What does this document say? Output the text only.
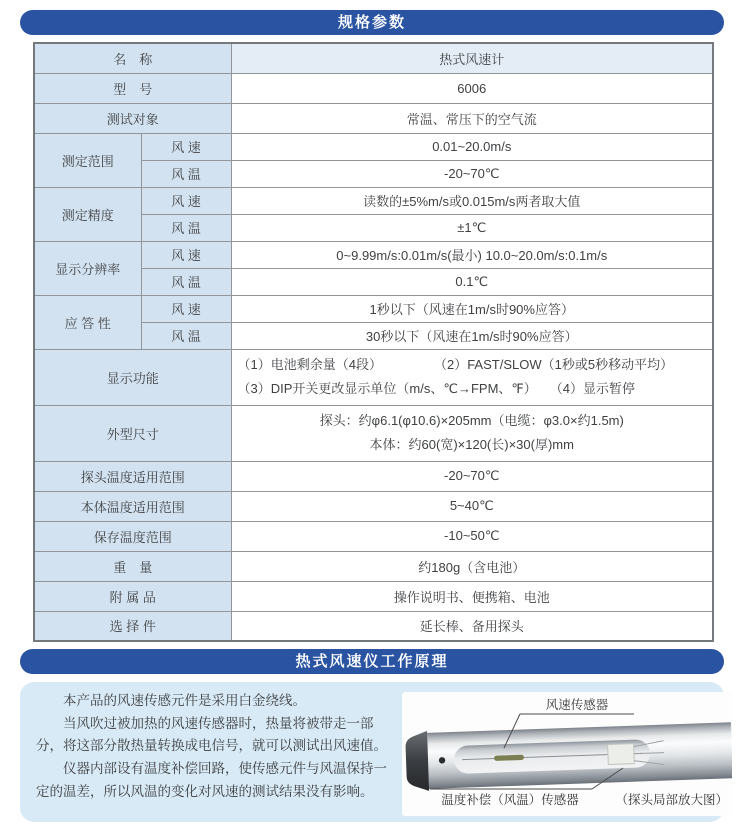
规格参数
名　称		热式风速计
型　号		6006
测试对象		常温、常压下的空气流
测定范围	风 速	0.01~20.0m/s
	风 温	-20~70℃
测定精度	风 速	读数的±5%m/s或0.015m/s两者取大值
	风 温	±1℃
显示分辨率	风 速	0~9.99m/s:0.01m/s(最小) 10.0~20.0m/s:0.1m/s
	风 温	0.1℃
应 答 性	风 速	1秒以下（风速在1m/s时90%应答）
	风 温	30秒以下（风速在1m/s时90%应答）
显示功能		（1）电池剩余量（4段）　　　　　（2）FAST/SLOW（1秒或5秒移动平均）
（3）DIP开关更改显示单位（m/s、℃→FPM、℉）　　（4）显示暂停

外型尺寸		探头：约φ6.1(φ10.6)×205mm（电缆：φ3.0×约1.5m)
本体：约60(宽)×120(长)×30(厚)mm

探头温度适用范围		-20~70℃
本体温度适用范围		5~40℃
保存温度范围		-10~50℃
重　量		约180g（含电池）
附 属 品		操作说明书、便携箱、电池
选 择 件		延长棒、备用探头
热式风速仪工作原理

本产品的风速传感元件是采用白金绕线。

当风吹过被加热的风速传感器时，热量将被带走一部分，将这部分散热量转换成电信号，就可以测试出风速值。

仪器内部设有温度补偿回路，使传感元件与风温保持一定的温差，所以风温的变化对风速的测试结果没有影响。

风速传感器
温度补偿（风温）传感器	（探头局部放大图）
